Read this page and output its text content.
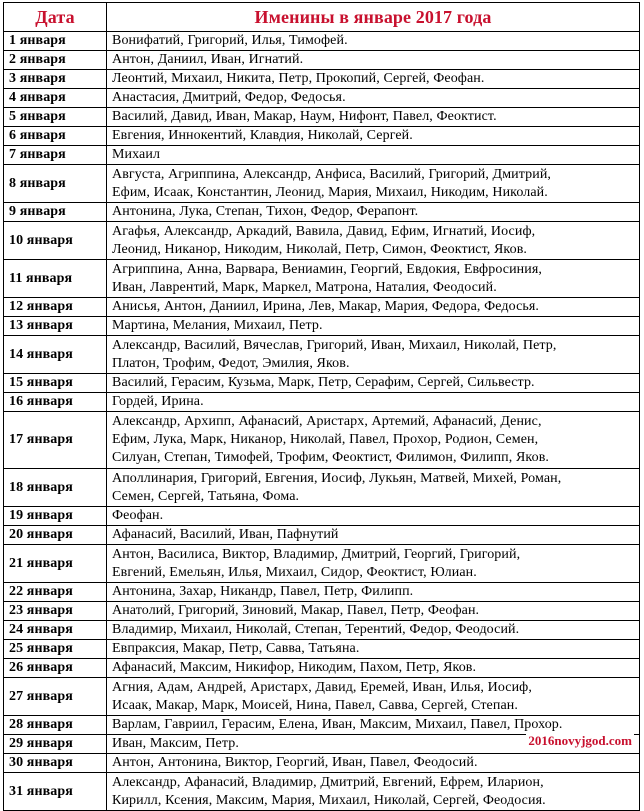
Дата	Именины в январе 2017 года
1 января	Вонифатий, Григорий, Илья, Тимофей.

2 января	Антон, Даниил, Иван, Игнатий.

3 января	Леонтий, Михаил, Никита, Петр, Прокопий, Сергей, Феофан.

4 января	Анастасия, Дмитрий, Федор, Федосья.

5 января	Василий, Давид, Иван, Макар, Наум, Нифонт, Павел, Феоктист.

6 января	Евгения, Иннокентий, Клавдия, Николай, Сергей.

7 января	Михаил

8 января	Августа, Агриппина, Александр, Анфиса, Василий, Григорий, Дмитрий,
Ефим, Исаак, Константин, Леонид, Мария, Михаил, Никодим, Николай.

9 января	Антонина, Лука, Степан, Тихон, Федор, Ферапонт.

10 января	Агафья, Александр, Аркадий, Вавила, Давид, Ефим, Игнатий, Иосиф,
Леонид, Никанор, Никодим, Николай, Петр, Симон, Феоктист, Яков.

11 января	Агриппина, Анна, Варвара, Вениамин, Георгий, Евдокия, Евфросиния,
Иван, Лаврентий, Марк, Маркел, Матрона, Наталия, Феодосий.

12 января	Анисья, Антон, Даниил, Ирина, Лев, Макар, Мария, Федора, Федосья.

13 января	Мартина, Мелания, Михаил, Петр.

14 января	Александр, Василий, Вячеслав, Григорий, Иван, Михаил, Николай, Петр,
Платон, Трофим, Федот, Эмилия, Яков.

15 января	Василий, Герасим, Кузьма, Марк, Петр, Серафим, Сергей, Сильвестр.

16 января	Гордей, Ирина.

17 января	Александр, Архипп, Афанасий, Аристарх, Артемий, Афанасий, Денис,
Ефим, Лука, Марк, Никанор, Николай, Павел, Прохор, Родион, Семен,
Силуан, Степан, Тимофей, Трофим, Феоктист, Филимон, Филипп, Яков.

18 января	Аполлинария, Григорий, Евгения, Иосиф, Лукьян, Матвей, Михей, Роман,
Семен, Сергей, Татьяна, Фома.

19 января	Феофан.

20 января	Афанасий, Василий, Иван, Пафнутий

21 января	Антон, Василиса, Виктор, Владимир, Дмитрий, Георгий, Григорий,
Евгений, Емельян, Илья, Михаил, Сидор, Феоктист, Юлиан.

22 января	Антонина, Захар, Никандр, Павел, Петр, Филипп.

23 января	Анатолий, Григорий, Зиновий, Макар, Павел, Петр, Феофан.

24 января	Владимир, Михаил, Николай, Степан, Терентий, Федор, Феодосий.

25 января	Евпраксия, Макар, Петр, Савва, Татьяна.

26 января	Афанасий, Максим, Никифор, Никодим, Пахом, Петр, Яков.

27 января	Агния, Адам, Андрей, Аристарх, Давид, Еремей, Иван, Илья, Иосиф,
Исаак, Макар, Марк, Моисей, Нина, Павел, Савва, Сергей, Степан.

28 января	Варлам, Гавриил, Герасим, Елена, Иван, Максим, Михаил, Павел, Прохор.

29 января	Иван, Максим, Петр.

30 января	Антон, Антонина, Виктор, Георгий, Иван, Павел, Феодосий.

31 января	Александр, Афанасий, Владимир, Дмитрий, Евгений, Ефрем, Иларион,
Кирилл, Ксения, Максим, Мария, Михаил, Николай, Сергей, Феодосия.
2016novyjgod.com
